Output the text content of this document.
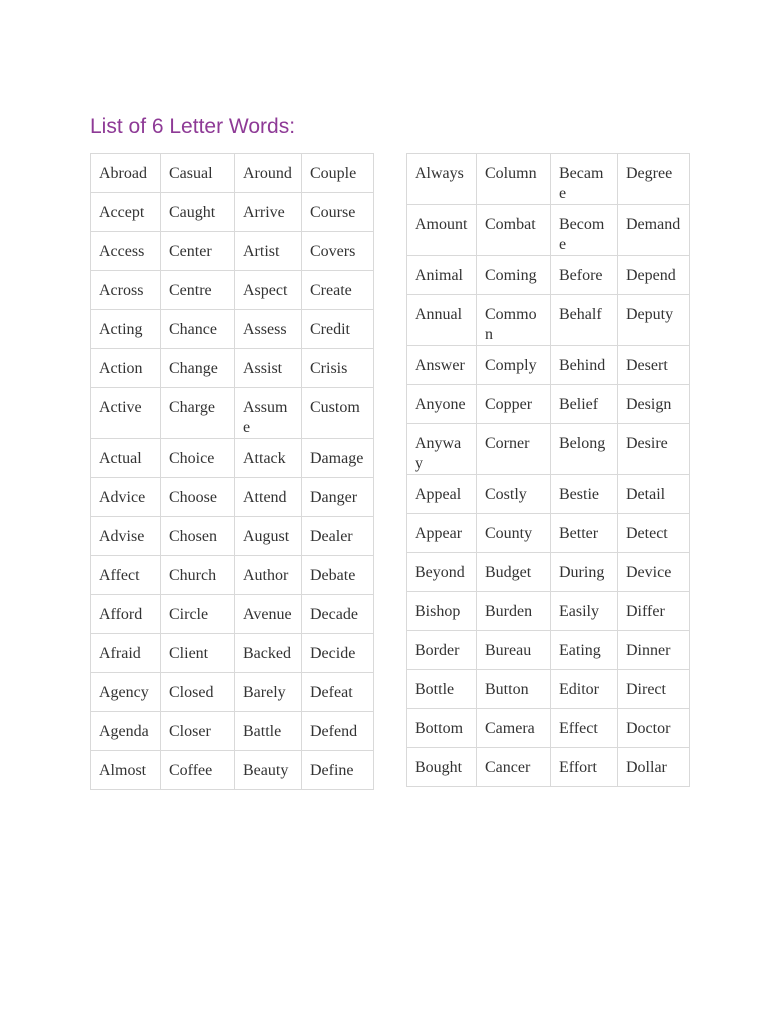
List of 6 Letter Words:
Abroad	Casual	Around	Couple
Accept	Caught	Arrive	Course
Access	Center	Artist	Covers
Across	Centre	Aspect	Create
Acting	Chance	Assess	Credit
Action	Change	Assist	Crisis
Active	Charge	Assume	Custom
Actual	Choice	Attack	Damage
Advice	Choose	Attend	Danger
Advise	Chosen	August	Dealer
Affect	Church	Author	Debate
Afford	Circle	Avenue	Decade
Afraid	Client	Backed	Decide
Agency	Closed	Barely	Defeat
Agenda	Closer	Battle	Defend
Almost	Coffee	Beauty	Define
Always	Column	Became	Degree
Amount	Combat	Become	Demand
Animal	Coming	Before	Depend
Annual	Common	Behalf	Deputy
Answer	Comply	Behind	Desert
Anyone	Copper	Belief	Design
Anyway	Corner	Belong	Desire
Appeal	Costly	Bestie	Detail
Appear	County	Better	Detect
Beyond	Budget	During	Device
Bishop	Burden	Easily	Differ
Border	Bureau	Eating	Dinner
Bottle	Button	Editor	Direct
Bottom	Camera	Effect	Doctor
Bought	Cancer	Effort	Dollar
